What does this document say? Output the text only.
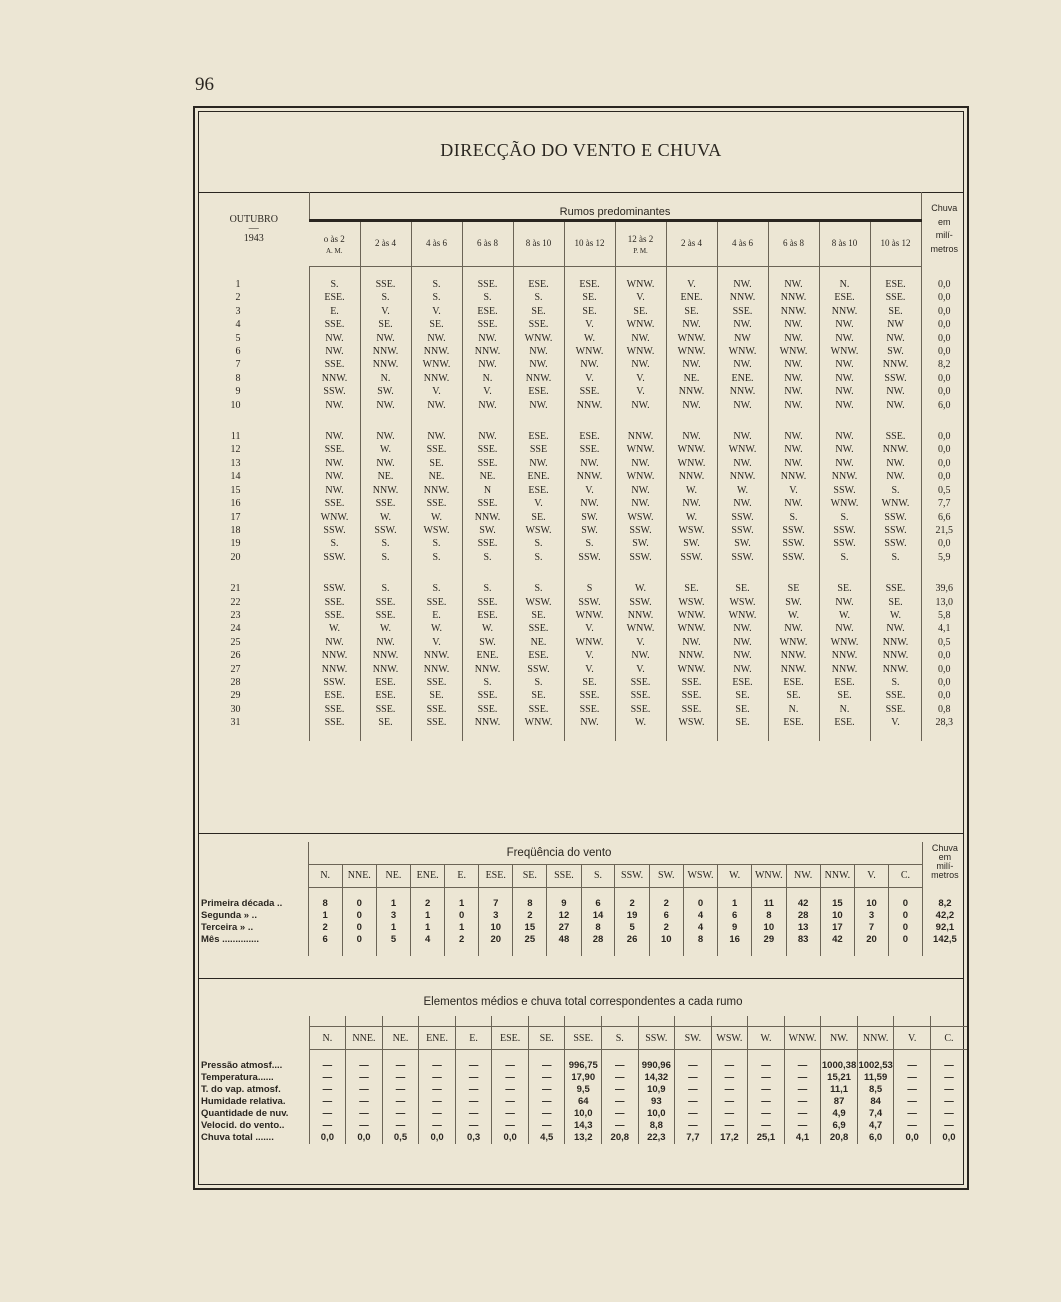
96
DIRECÇÃO DO VENTO E CHUVA
OUTUBRO
—
1943	Rumos predominantes												Chuva
em
milí-
metros

	o às 2
A. M.	2 às 4	4 às 6	6 às 8	8 às 10	10 às 12	12 às 2
P. M.	2 às 4	4 às 6	6 às 8	8 às 10	10 às 12	

1	S.	SSE.	S.	SSE.	ESE.	ESE.	WNW.	V.	NW.	NW.	N.	ESE.	0,0
2	ESE.	S.	S.	S.	S.	SE.	V.	ENE.	NNW.	NNW.	ESE.	SSE.	0,0
3	E.	V.	V.	ESE.	SE.	SE.	SE.	SE.	SSE.	NNW.	NNW.	SE.	0,0
4	SSE.	SE.	SE.	SSE.	SSE.	V.	WNW.	NW.	NW.	NW.	NW.	NW	0,0
5	NW.	NW.	NW.	NW.	WNW.	W.	NW.	WNW.	NW	NW.	NW.	NW.	0,0
6	NW.	NNW.	NNW.	NNW.	NW.	WNW.	WNW.	WNW.	WNW.	WNW.	WNW.	SW.	0,0
7	SSE.	NNW.	WNW.	NW.	NW.	NW.	NW.	NW.	NW.	NW.	NW.	NNW.	8,2
8	NNW.	N.	NNW.	N.	NNW.	V.	V.	NE.	ENE.	NW.	NW.	SSW.	0,0
9	SSW.	SW.	V.	V.	ESE.	SSE.	V.	NNW.	NNW.	NW.	NW.	NW.	0,0
10	NW.	NW.	NW.	NW.	NW.	NNW.	NW.	NW.	NW.	NW.	NW.	NW.	6,0

11	NW.	NW.	NW.	NW.	ESE.	ESE.	NNW.	NW.	NW.	NW.	NW.	SSE.	0,0
12	SSE.	W.	SSE.	SSE.	SSE	SSE.	WNW.	WNW.	WNW.	NW.	NW.	NNW.	0,0
13	NW.	NW.	SE.	SSE.	NW.	NW.	NW.	WNW.	NW.	NW.	NW.	NW.	0,0
14	NW.	NE.	NE.	NE.	ENE.	NNW.	WNW.	NNW.	NNW.	NNW.	NNW.	NW.	0,0
15	NW.	NNW.	NNW.	N	ESE.	V.	NW.	W.	W.	V.	SSW.	S.	0,5
16	SSE.	SSE.	SSE.	SSE.	V.	NW.	NW.	NW.	NW.	NW.	WNW.	WNW.	7,7
17	WNW.	W.	W.	NNW.	SE.	SW.	WSW.	W.	SSW.	S.	S.	SSW.	6,6
18	SSW.	SSW.	WSW.	SW.	WSW.	SW.	SSW.	WSW.	SSW.	SSW.	SSW.	SSW.	21,5
19	S.	S.	S.	SSE.	S.	S.	SW.	SW.	SW.	SSW.	SSW.	SSW.	0,0
20	SSW.	S.	S.	S.	S.	SSW.	SSW.	SSW.	SSW.	SSW.	S.	S.	5,9

21	SSW.	S.	S.	S.	S.	S	W.	SE.	SE.	SE	SE.	SSE.	39,6
22	SSE.	SSE.	SSE.	SSE.	WSW.	SSW.	SSW.	WSW.	WSW.	SW.	NW.	SE.	13,0
23	SSE.	SSE.	E.	ESE.	SE.	WNW.	NNW.	WNW.	WNW.	W.	W.	W.	5,8
24	W.	W.	W.	W.	SSE.	V.	WNW.	WNW.	NW.	NW.	NW.	NW.	4,1
25	NW.	NW.	V.	SW.	NE.	WNW.	V.	NW.	NW.	WNW.	WNW.	NNW.	0,5
26	NNW.	NNW.	NNW.	ENE.	ESE.	V.	NW.	NNW.	NW.	NNW.	NNW.	NNW.	0,0
27	NNW.	NNW.	NNW.	NNW.	SSW.	V.	V.	WNW.	NW.	NNW.	NNW.	NNW.	0,0
28	SSW.	ESE.	SSE.	S.	S.	SE.	SSE.	SSE.	ESE.	ESE.	ESE.	S.	0,0
29	ESE.	ESE.	SE.	SSE.	SE.	SSE.	SSE.	SSE.	SE.	SE.	SE.	SSE.	0,0
30	SSE.	SSE.	SSE.	SSE.	SSE.	SSE.	SSE.	SSE.	SE.	N.	N.	SSE.	0,8
31	SSE.	SE.	SSE.	NNW.	WNW.	NW.	W.	WSW.	SE.	ESE.	ESE.	V.	28,3

Freqüência do vento

																			Chuva
em
milí-
metros

	N.	NNE.	NE.	ENE.	E.	ESE.	SE.	SSE.	S.	SSW.	SW.	WSW.	W.	WNW.	NW.	NNW.	V.	C.	

Primeira década ..	8	0	1	2	1	7	8	9	6	2	2	0	1	11	42	15	10	0	8,2
Segunda » ..	1	0	3	1	0	3	2	12	14	19	6	4	6	8	28	10	3	0	42,2
Terceira » ..	2	0	1	1	1	10	15	27	8	5	2	4	9	10	13	17	7	0	92,1
Mês ..............	6	0	5	4	2	20	25	48	28	26	10	8	16	29	83	42	20	0	142,5

Elementos médios e chuva total correspondentes a cada rumo

	N.	NNE.	NE.	ENE.	E.	ESE.	SE.	SSE.	S.	SSW.	SW.	WSW.	W.	WNW.	NW.	NNW.	V.	C.

Pressão atmosf....	—	—	—	—	—	—	—	996,75	—	990,96	—	—	—	—	1000,38	1002,53	—	—
Temperatura......	—	—	—	—	—	—	—	17,90	—	14,32	—	—	—	—	15,21	11,59	—	—
T. do vap. atmosf.	—	—	—	—	—	—	—	9,5	—	10,9	—	—	—	—	11,1	8,5	—	—
Humidade relativa.	—	—	—	—	—	—	—	64	—	93	—	—	—	—	87	84	—	—
Quantidade de nuv.	—	—	—	—	—	—	—	10,0	—	10,0	—	—	—	—	4,9	7,4	—	—
Velocid. do vento..	—	—	—	—	—	—	—	14,3	—	8,8	—	—	—	—	6,9	4,7	—	—
Chuva total .......	0,0	0,0	0,5	0,0	0,3	0,0	4,5	13,2	20,8	22,3	7,7	17,2	25,1	4,1	20,8	6,0	0,0	0,0
